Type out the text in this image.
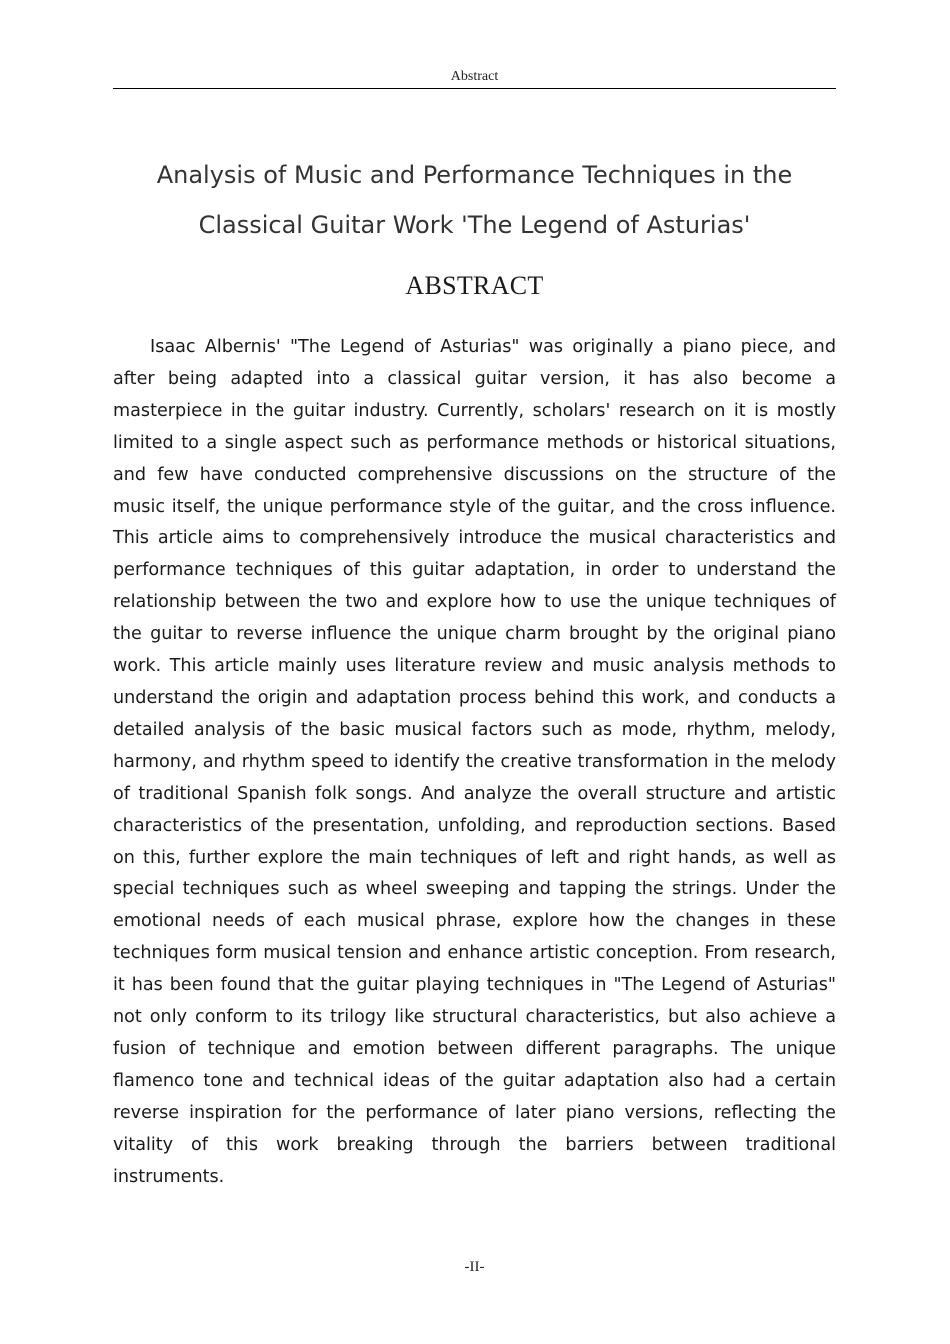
Abstract
Analysis of Music and Performance Techniques in the
Classical Guitar Work 'The Legend of Asturias'
ABSTRACT

Isaac Albernis' "The Legend of Asturias" was originally a piano piece, and after being adapted into a classical guitar version, it has also become a masterpiece in the guitar industry. Currently, scholars' research on it is mostly limited to a single aspect such as performance methods or historical situations, and few have conducted comprehensive discussions on the structure of the music itself, the unique performance style of the guitar, and the cross influence. This article aims to comprehensively introduce the musical characteristics and performance techniques of this guitar adaptation, in order to understand the relationship between the two and explore how to use the unique techniques of the guitar to reverse influence the unique charm brought by the original piano work. This article mainly uses literature review and music analysis methods to understand the origin and adaptation process behind this work, and conducts a detailed analysis of the basic musical factors such as mode, rhythm, melody, harmony, and rhythm speed to identify the creative transformation in the melody of traditional Spanish folk songs. And analyze the overall structure and artistic characteristics of the presentation, unfolding, and reproduction sections. Based on this, further explore the main techniques of left and right hands, as well as special techniques such as wheel sweeping and tapping the strings. Under the emotional needs of each musical phrase, explore how the changes in these techniques form musical tension and enhance artistic conception. From research, it has been found that the guitar playing techniques in "The Legend of Asturias" not only conform to its trilogy like structural characteristics, but also achieve a fusion of technique and emotion between different paragraphs. The unique flamenco tone and technical ideas of the guitar adaptation also had a certain reverse inspiration for the performance of later piano versions, reflecting the vitality of this work breaking through the barriers between traditional instruments.

-II-
